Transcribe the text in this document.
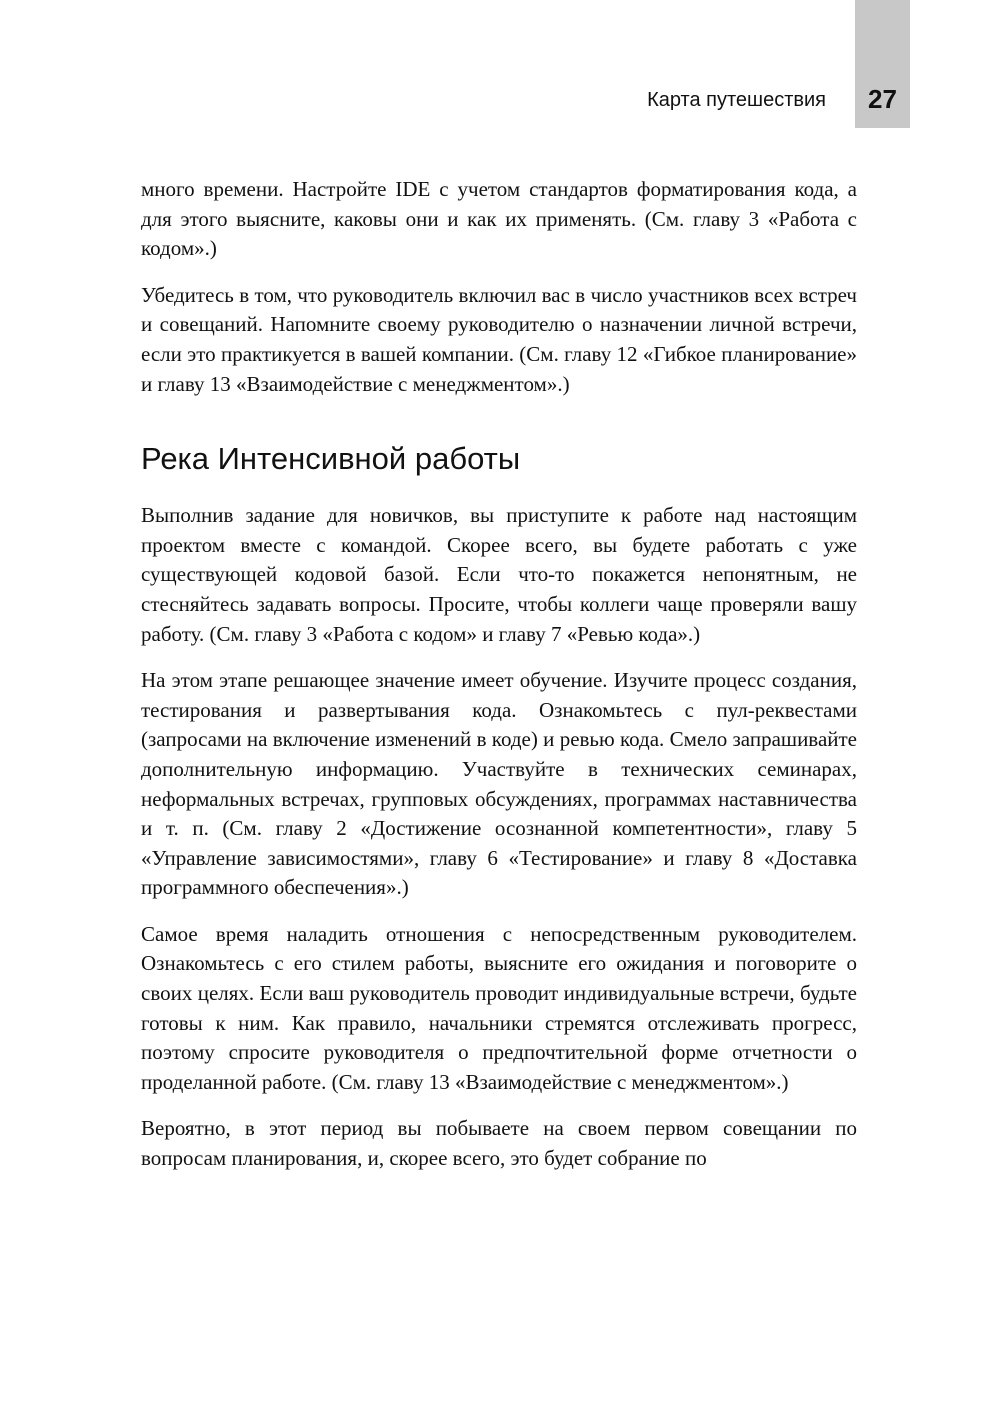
Карта путешествия	27

много времени. Настройте IDE с учетом стандартов форматирования кода, а для этого выясните, каковы они и как их применять. (См. главу 3 «Работа с кодом».)

Убедитесь в том, что руководитель включил вас в число участников всех встреч и совещаний. Напомните своему руководителю о назначении личной встречи, если это практикуется в вашей компании. (См. главу 12 «Гибкое планирование» и главу 13 «Взаимодействие с менеджментом».)

Река Интенсивной работы

Выполнив задание для новичков, вы приступите к работе над настоящим проектом вместе с командой. Скорее всего, вы будете работать с уже существующей кодовой базой. Если что-то покажется непонятным, не стесняйтесь задавать вопросы. Просите, чтобы коллеги чаще проверяли вашу работу. (См. главу 3 «Работа с кодом» и главу 7 «Ревью кода».)

На этом этапе решающее значение имеет обучение. Изучите процесс создания, тестирования и развертывания кода. Ознакомьтесь с пул-реквестами (запросами на включение изменений в коде) и ревью кода. Смело запрашивайте дополнительную информацию. Участвуйте в технических семинарах, неформальных встречах, групповых обсуждениях, программах наставничества и т. п. (См. главу 2 «Достижение осознанной компетентности», главу 5 «Управление зависимостями», главу 6 «Тестирование» и главу 8 «Доставка программного обеспечения».)

Самое время наладить отношения с непосредственным руководителем. Ознакомьтесь с его стилем работы, выясните его ожидания и поговорите о своих целях. Если ваш руководитель проводит индивидуальные встречи, будьте готовы к ним. Как правило, начальники стремятся отслеживать прогресс, поэтому спросите руководителя о предпочтительной форме отчетности о проделанной работе. (См. главу 13 «Взаимодействие с менеджментом».)

Вероятно, в этот период вы побываете на своем первом совещании по вопросам планирования, и, скорее всего, это будет собрание по
